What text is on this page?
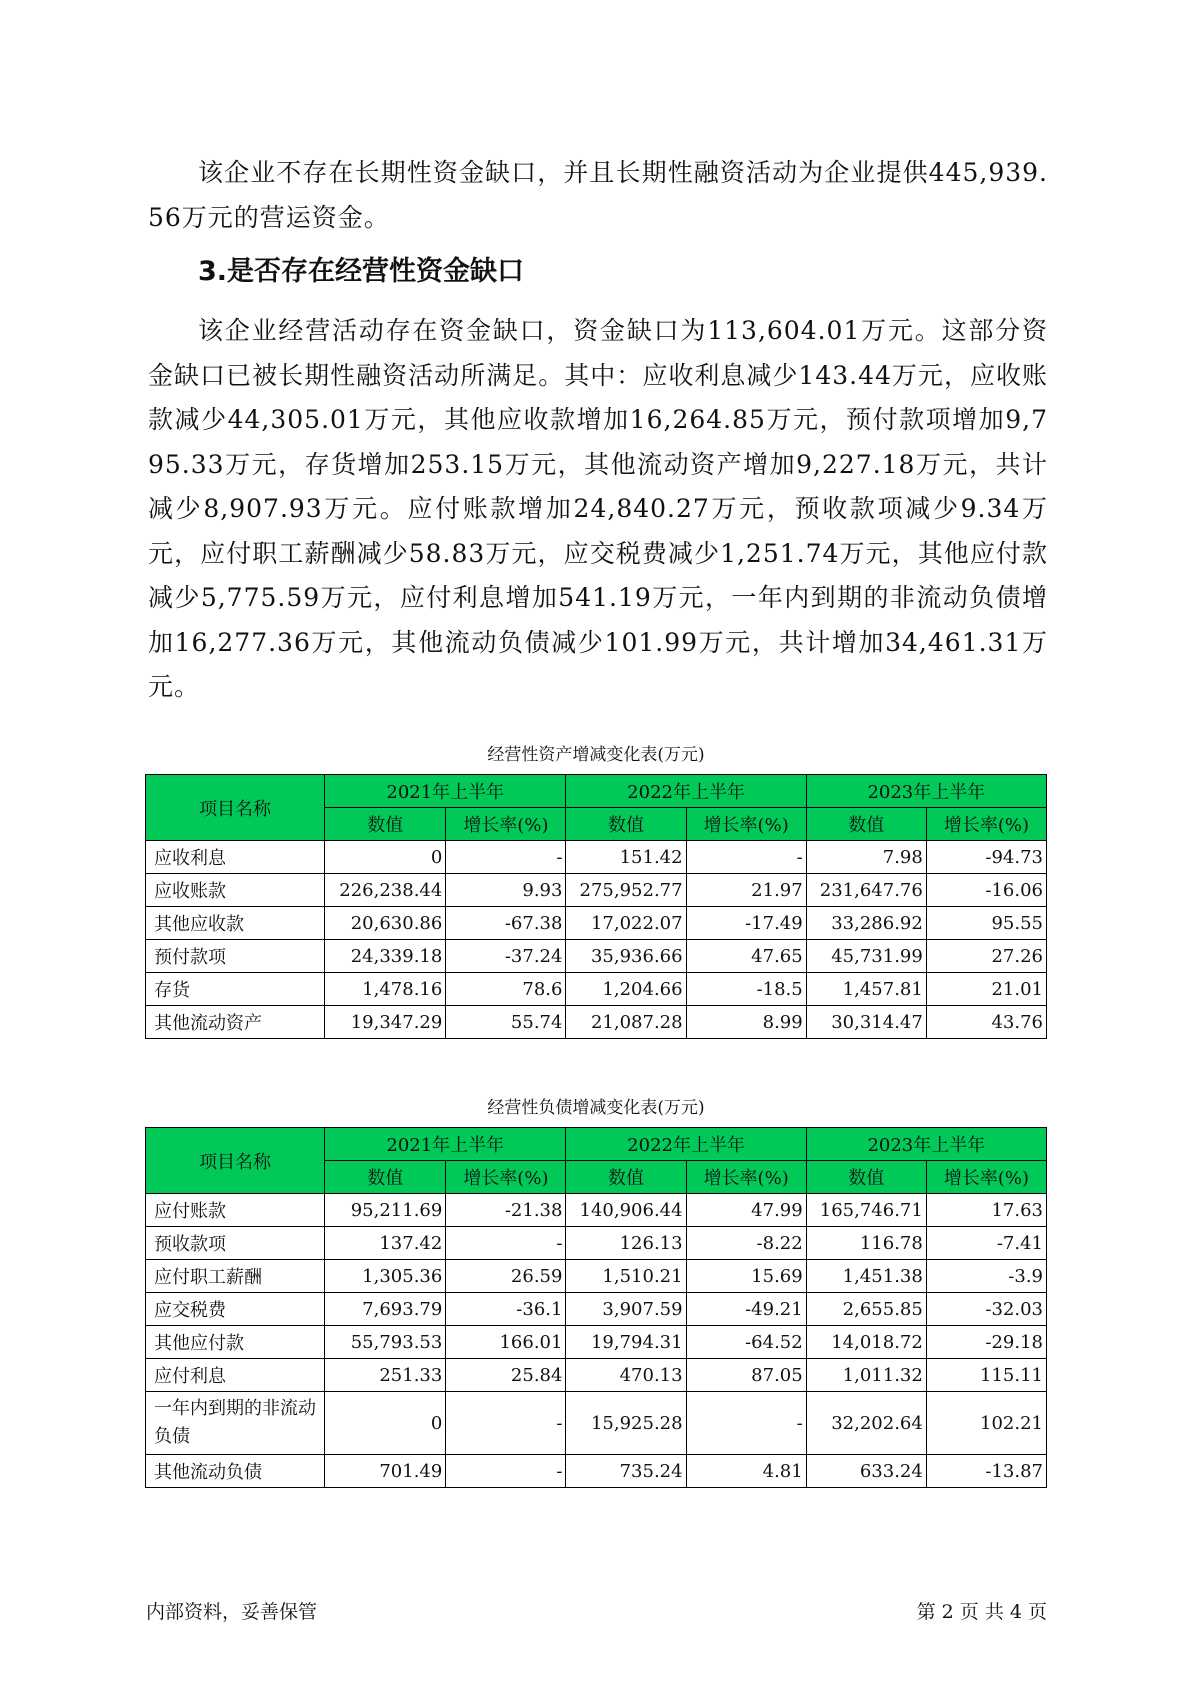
该企业不存在长期性资金缺口，并且长期性融资活动为企业提供445,939.56万元的营运资金。

3.是否存在经营性资金缺口

该企业经营活动存在资金缺口，资金缺口为113,604.01万元。这部分资金缺口已被长期性融资活动所满足。其中：应收利息减少143.44万元，应收账款减少44,305.01万元，其他应收款增加16,264.85万元，预付款项增加9,795.33万元，存货增加253.15万元，其他流动资产增加9,227.18万元，共计减少8,907.93万元。应付账款增加24,840.27万元，预收款项减少9.34万元，应付职工薪酬减少58.83万元，应交税费减少1,251.74万元，其他应付款减少5,775.59万元，应付利息增加541.19万元，一年内到期的非流动负债增加16,277.36万元，其他流动负债减少101.99万元，共计增加34,461.31万元。

经营性资产增减变化表(万元)

项目名称	2021年上半年		2022年上半年		2023年上半年	
	数值	增长率(%)	数值	增长率(%)	数值	增长率(%)
应收利息	0	-	151.42	-	7.98	-94.73
应收账款	226,238.44	9.93	275,952.77	21.97	231,647.76	-16.06
其他应收款	20,630.86	-67.38	17,022.07	-17.49	33,286.92	95.55
预付款项	24,339.18	-37.24	35,936.66	47.65	45,731.99	27.26
存货	1,478.16	78.6	1,204.66	-18.5	1,457.81	21.01
其他流动资产	19,347.29	55.74	21,087.28	8.99	30,314.47	43.76

经营性负债增减变化表(万元)

项目名称	2021年上半年		2022年上半年		2023年上半年	
	数值	增长率(%)	数值	增长率(%)	数值	增长率(%)
应付账款	95,211.69	-21.38	140,906.44	47.99	165,746.71	17.63
预收款项	137.42	-	126.13	-8.22	116.78	-7.41
应付职工薪酬	1,305.36	26.59	1,510.21	15.69	1,451.38	-3.9
应交税费	7,693.79	-36.1	3,907.59	-49.21	2,655.85	-32.03
其他应付款	55,793.53	166.01	19,794.31	-64.52	14,018.72	-29.18
应付利息	251.33	25.84	470.13	87.05	1,011.32	115.11
一年内到期的非流动负债	0	-	15,925.28	-	32,202.64	102.21
其他流动负债	701.49	-	735.24	4.81	633.24	-13.87

内部资料，妥善保管	第 2 页 共 4 页
